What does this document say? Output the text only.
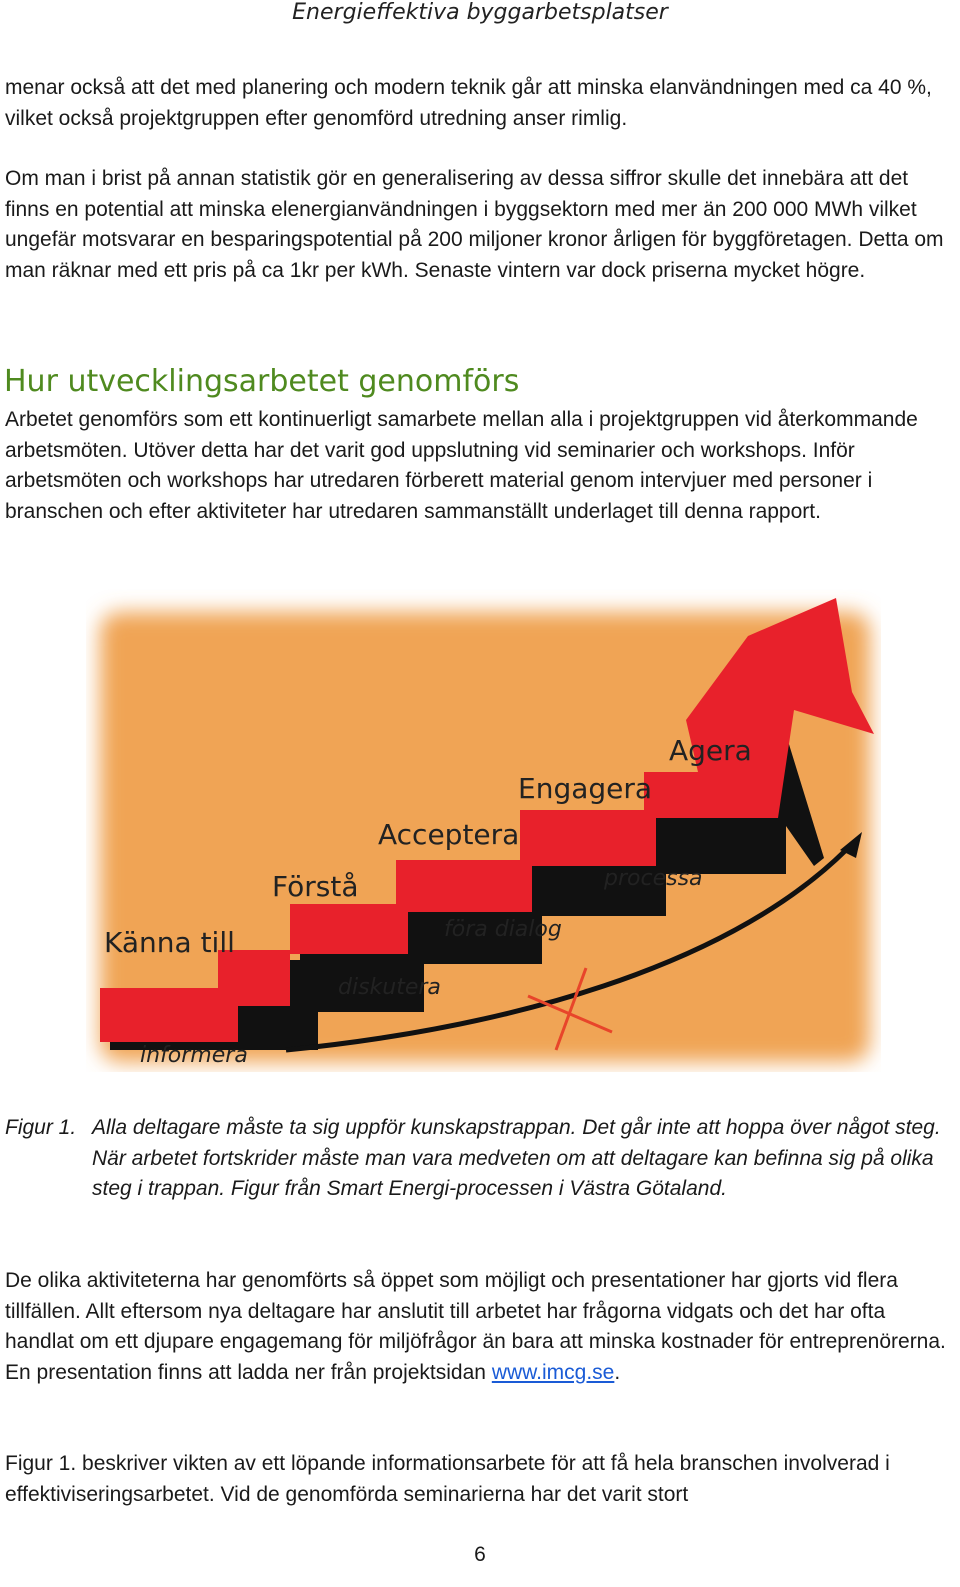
Energieffektiva byggarbetsplatser

menar också att det med planering och modern teknik går att minska elanvändningen med ca 40 %, vilket också projektgruppen efter genomförd utredning anser rimlig.

Om man i brist på annan statistik gör en generalisering av dessa siffror skulle det innebära att det finns en potential att minska elenergianvändningen i byggsektorn med mer än 200 000 MWh vilket ungefär motsvarar en besparingspotential på 200 miljoner kronor årligen för byggföretagen. Detta om man räknar med ett pris på ca 1kr per kWh. Senaste vintern var dock priserna mycket högre.

Hur utvecklingsarbetet genomförs

Arbetet genomförs som ett kontinuerligt samarbete mellan alla i projektgruppen vid återkommande arbetsmöten. Utöver detta har det varit god uppslutning vid seminarier och workshops. Inför arbetsmöten och workshops har utredaren förberett material genom intervjuer med personer i branschen och efter aktiviteter har utredaren sammanställt underlaget till denna rapport.

Känna till
Förstå
Acceptera
Engagera
Agera
informera
diskutera
föra dialog
processa
Figur 1. Alla deltagare måste ta sig uppför kunskapstrappan. Det går inte att hoppa över något steg. När arbetet fortskrider måste man vara medveten om att deltagare kan befinna sig på olika steg i trappan. Figur från Smart Energi-processen i Västra Götaland.

De olika aktiviteterna har genomförts så öppet som möjligt och presentationer har gjorts vid flera tillfällen. Allt eftersom nya deltagare har anslutit till arbetet har frågorna vidgats och det har ofta handlat om ett djupare engagemang för miljöfrågor än bara att minska kostnader för entreprenörerna. En presentation finns att ladda ner från projektsidan www.imcg.se.

Figur 1. beskriver vikten av ett löpande informationsarbete för att få hela branschen involverad i effektiviseringsarbetet. Vid de genomförda seminarierna har det varit stort

6
